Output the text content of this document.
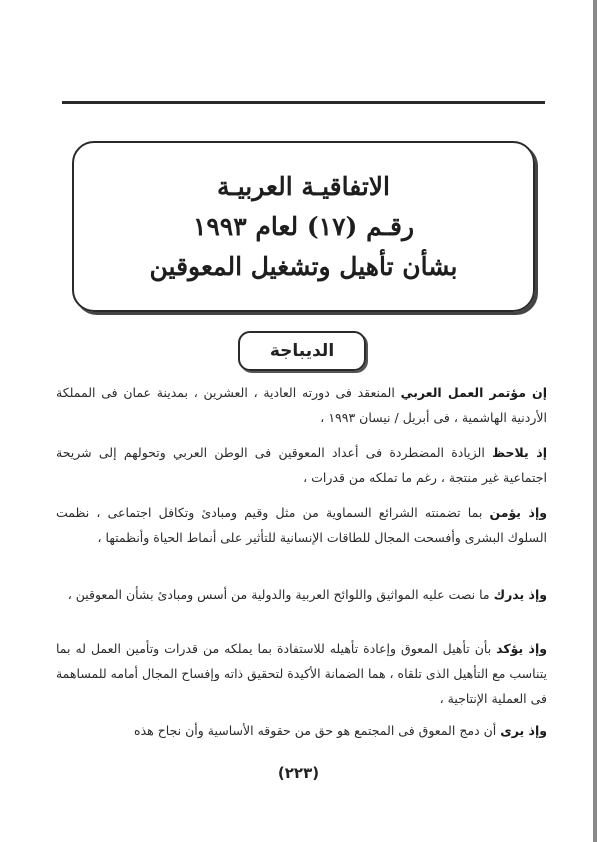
الاتفاقيـة العربيـة
رقـم (١٧) لعام ١٩٩٣
بشأن تأهيل وتشغيل المعوقين
الديباجة

إن مؤتمر العمل العربي المنعقد فى دورته العادية ، العشرين ، بمدينة عمان فى المملكة الأردنية الهاشمية ، فى أبريل / نيسان ١٩٩٣ ،

إذ يلاحظ الزيادة المضطردة فى أعداد المعوقين فى الوطن العربي وتحولهم إلى شريحة اجتماعية غير منتجة ، رغم ما تملكه من قدرات ،

وإذ يؤمن بما تضمنته الشرائع السماوية من مثل وقيم ومبادئ وتكافل اجتماعى ، نظمت السلوك البشرى وأفسحت المجال للطاقات الإنسانية للتأثير على أنماط الحياة وأنظمتها ،

وإذ يدرك ما نصت عليه المواثيق واللوائح العربية والدولية من أسس ومبادئ بشأن المعوقين ،

وإذ يؤكد بأن تأهيل المعوق وإعادة تأهيله للاستفادة بما يملكه من قدرات وتأمين العمل له بما يتناسب مع التأهيل الذى تلقاه ، هما الضمانة الأكيدة لتحقيق ذاته وإفساح المجال أمامه للمساهمة فى العملية الإنتاجية ،

وإذ يرى أن دمج المعوق فى المجتمع هو حق من حقوقه الأساسية وأن نجاح هذه

(٢٢٣)
